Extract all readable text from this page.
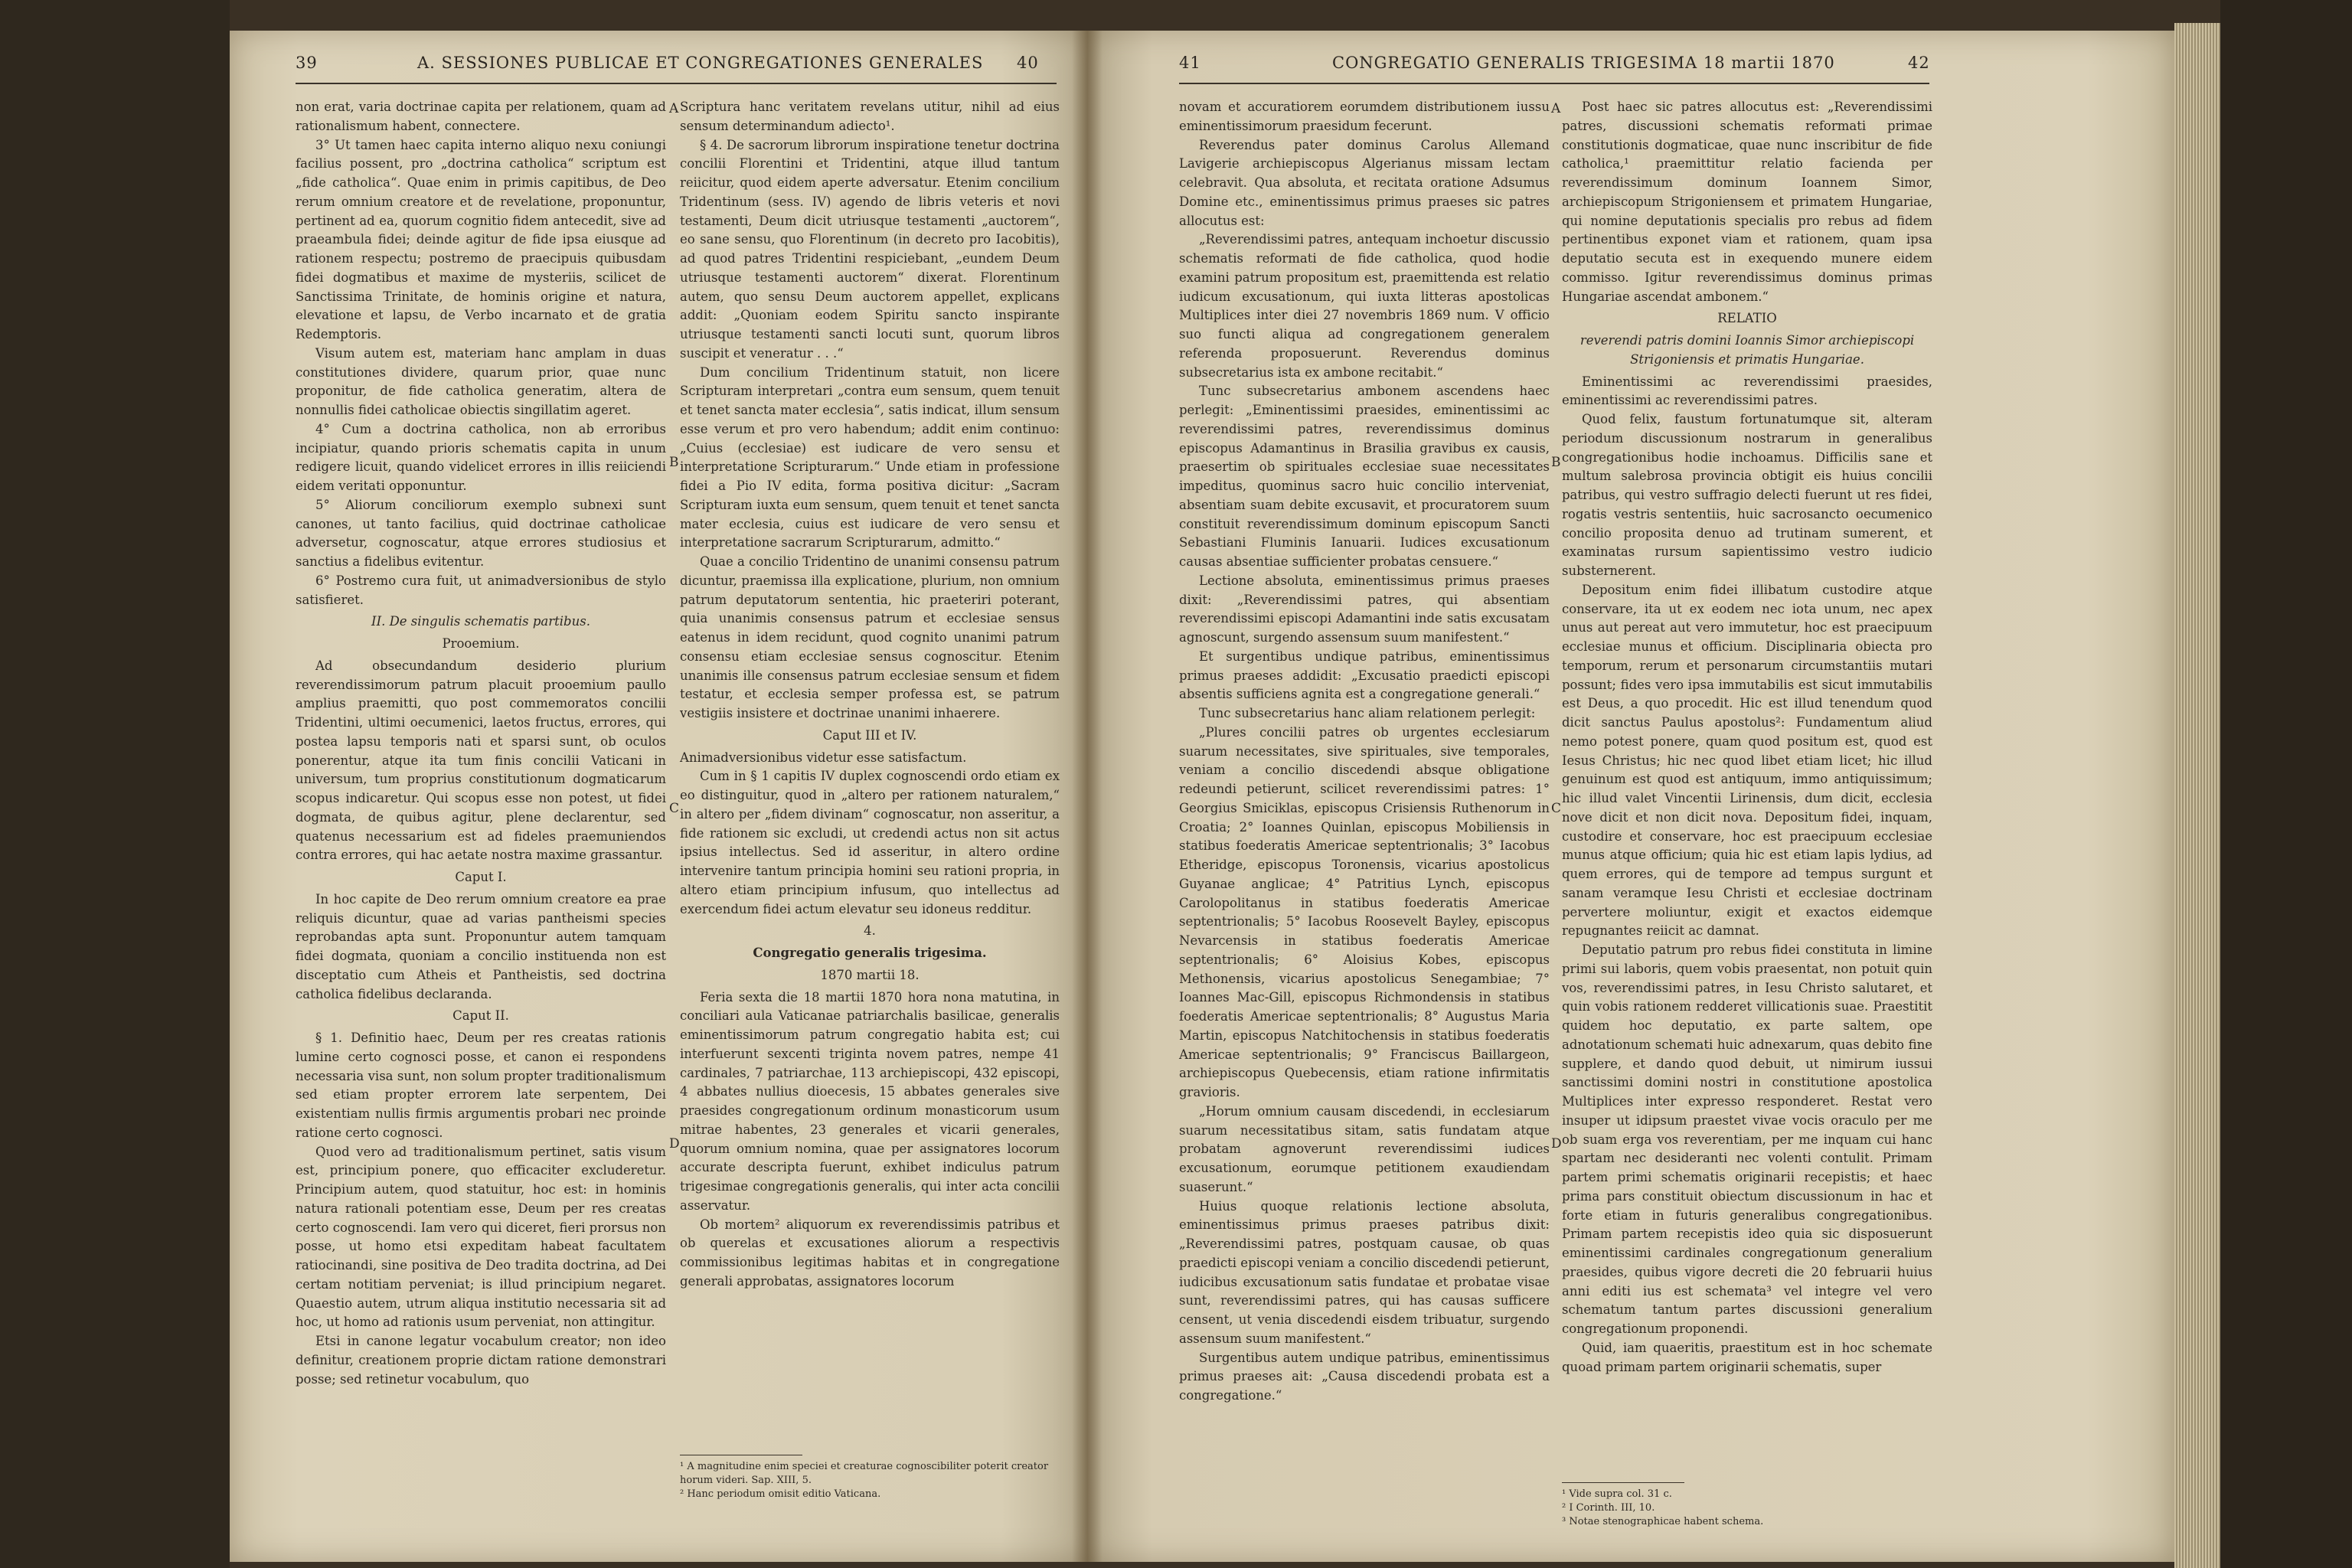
39	A. SESSIONES PUBLICAE ET CONGREGATIONES GENERALES 40	41	CONGREGATIO GENERALIS TRIGESIMA 18 martii 1870	42

non erat, varia doctrinae capita per relationem, quam ad rationalismum habent, connectere.

3° Ut tamen haec capita interno aliquo nexu coniungi facilius possent, pro „doctrina catholica“ scriptum est „fide catholica“. Quae enim in primis capitibus, de Deo rerum omnium creatore et de revelatione, proponuntur, pertinent ad ea, quorum cognitio fidem antecedit, sive ad praeambula fidei; deinde agitur de fide ipsa eiusque ad rationem respectu; postremo de praecipuis quibusdam fidei dogmatibus et maxime de mysteriis, scilicet de Sanctissima Trinitate, de hominis origine et natura, elevatione et lapsu, de Verbo incarnato et de gratia Redemptoris.

Visum autem est, materiam hanc amplam in duas constitutiones dividere, quarum prior, quae nunc proponitur, de fide catholica generatim, altera de nonnullis fidei catholicae obiectis singillatim ageret.

4° Cum a doctrina catholica, non ab erroribus incipiatur, quando prioris schematis capita in unum redigere licuit, quando videlicet errores in illis reiiciendi eidem veritati opponuntur.

5° Aliorum conciliorum exemplo subnexi sunt canones, ut tanto facilius, quid doctrinae catholicae adversetur, cognoscatur, atque errores studiosius et sanctius a fidelibus evitentur.

6° Postremo cura fuit, ut animadversionibus de stylo satisfieret.

II. De singulis schematis partibus.

Prooemium.

Ad obsecundandum desiderio plurium reverendissimorum patrum placuit prooemium paullo amplius praemitti, quo post commemoratos concilii Tridentini, ultimi oecumenici, laetos fructus, errores, qui postea lapsu temporis nati et sparsi sunt, ob oculos ponerentur, atque ita tum finis concilii Vaticani in universum, tum proprius constitutionum dogmaticarum scopus indicaretur. Qui scopus esse non potest, ut fidei dogmata, de quibus agitur, plene declarentur, sed quatenus necessarium est ad fideles praemuniendos contra errores, qui hac aetate nostra maxime grassantur.

Caput I.

In hoc capite de Deo rerum omnium creatore ea prae reliquis dicuntur, quae ad varias pantheismi species reprobandas apta sunt. Proponuntur autem tamquam fidei dogmata, quoniam a concilio instituenda non est disceptatio cum Atheis et Pantheistis, sed doctrina catholica fidelibus declaranda.

Caput II.

§ 1. Definitio haec, Deum per res creatas rationis lumine certo cognosci posse, et canon ei respondens necessaria visa sunt, non solum propter traditionalismum sed etiam propter errorem late serpentem, Dei existentiam nullis firmis argumentis probari nec proinde ratione certo cognosci.

Quod vero ad traditionalismum pertinet, satis visum est, principium ponere, quo efficaciter excluderetur. Principium autem, quod statuitur, hoc est: in hominis natura rationali potentiam esse, Deum per res creatas certo cognoscendi. Iam vero qui diceret, fieri prorsus non posse, ut homo etsi expeditam habeat facultatem ratiocinandi, sine positiva de Deo tradita doctrina, ad Dei certam notitiam perveniat; is illud principium negaret. Quaestio autem, utrum aliqua institutio necessaria sit ad hoc, ut homo ad rationis usum perveniat, non attingitur.

Etsi in canone legatur vocabulum creator; non ideo definitur, creationem proprie dictam ratione demonstrari posse; sed retinetur vocabulum, quo

Scriptura hanc veritatem revelans utitur, nihil ad eius sensum determinandum adiecto¹.

§ 4. De sacrorum librorum inspiratione tenetur doctrina concilii Florentini et Tridentini, atque illud tantum reiicitur, quod eidem aperte adversatur. Etenim concilium Tridentinum (sess. IV) agendo de libris veteris et novi testamenti, Deum dicit utriusque testamenti „auctorem“, eo sane sensu, quo Florentinum (in decreto pro Iacobitis), ad quod patres Tridentini respiciebant, „eundem Deum utriusque testamenti auctorem“ dixerat. Florentinum autem, quo sensu Deum auctorem appellet, explicans addit: „Quoniam eodem Spiritu sancto inspirante utriusque testamenti sancti locuti sunt, quorum libros suscipit et veneratur . . .“

Dum concilium Tridentinum statuit, non licere Scripturam interpretari „contra eum sensum, quem tenuit et tenet sancta mater ecclesia“, satis indicat, illum sensum esse verum et pro vero habendum; addit enim continuo: „Cuius (ecclesiae) est iudicare de vero sensu et interpretatione Scripturarum.“ Unde etiam in professione fidei a Pio IV edita, forma positiva dicitur: „Sacram Scripturam iuxta eum sensum, quem tenuit et tenet sancta mater ecclesia, cuius est iudicare de vero sensu et interpretatione sacrarum Scripturarum, admitto.“

Quae a concilio Tridentino de unanimi consensu patrum dicuntur, praemissa illa explicatione, plurium, non omnium patrum deputatorum sententia, hic praeteriri poterant, quia unanimis consensus patrum et ecclesiae sensus eatenus in idem recidunt, quod cognito unanimi patrum consensu etiam ecclesiae sensus cognoscitur. Etenim unanimis ille consensus patrum ecclesiae sensum et fidem testatur, et ecclesia semper professa est, se patrum vestigiis insistere et doctrinae unanimi inhaerere.

Caput III et IV.

Animadversionibus videtur esse satisfactum.

Cum in § 1 capitis IV duplex cognoscendi ordo etiam ex eo distinguitur, quod in „altero per rationem naturalem,“ in altero per „fidem divinam“ cognoscatur, non asseritur, a fide rationem sic excludi, ut credendi actus non sit actus ipsius intellectus. Sed id asseritur, in altero ordine intervenire tantum principia homini seu rationi propria, in altero etiam principium infusum, quo intellectus ad exercendum fidei actum elevatur seu idoneus redditur.

4.

Congregatio generalis trigesima.

1870 martii 18.

Feria sexta die 18 martii 1870 hora nona matutina, in conciliari aula Vaticanae patriarchalis basilicae, generalis eminentissimorum patrum congregatio habita est; cui interfuerunt sexcenti triginta novem patres, nempe 41 cardinales, 7 patriarchae, 113 archiepiscopi, 432 episcopi, 4 abbates nullius dioecesis, 15 abbates generales sive praesides congregationum ordinum monasticorum usum mitrae habentes, 23 generales et vicarii generales, quorum omnium nomina, quae per assignatores locorum accurate descripta fuerunt, exhibet indiculus patrum trigesimae congregationis generalis, qui inter acta concilii asservatur.

Ob mortem² aliquorum ex reverendissimis patribus et ob querelas et excusationes aliorum a respectivis commissionibus legitimas habitas et in congregatione generali approbatas, assignatores locorum

A
B
C
D

¹ A magnitudine enim speciei et creaturae cognoscibiliter poterit creator horum videri. Sap. XIII, 5.

² Hanc periodum omisit editio Vaticana.

novam et accuratiorem eorumdem distributionem iussu eminentissimorum praesidum fecerunt.

Reverendus pater dominus Carolus Allemand Lavigerie archiepiscopus Algerianus missam lectam celebravit. Qua absoluta, et recitata oratione Adsumus Domine etc., eminentissimus primus praeses sic patres allocutus est:

„Reverendissimi patres, antequam inchoetur discussio schematis reformati de fide catholica, quod hodie examini patrum propositum est, praemittenda est relatio iudicum excusationum, qui iuxta litteras apostolicas Multiplices inter diei 27 novembris 1869 num. V officio suo functi aliqua ad congregationem generalem referenda proposuerunt. Reverendus dominus subsecretarius ista ex ambone recitabit.“

Tunc subsecretarius ambonem ascendens haec perlegit: „Eminentissimi praesides, eminentissimi ac reverendissimi patres, reverendissimus dominus episcopus Adamantinus in Brasilia gravibus ex causis, praesertim ob spirituales ecclesiae suae necessitates impeditus, quominus sacro huic concilio interveniat, absentiam suam debite excusavit, et procuratorem suum constituit reverendissimum dominum episcopum Sancti Sebastiani Fluminis Ianuarii. Iudices excusationum causas absentiae sufficienter probatas censuere.“

Lectione absoluta, eminentissimus primus praeses dixit: „Reverendissimi patres, qui absentiam reverendissimi episcopi Adamantini inde satis excusatam agnoscunt, surgendo assensum suum manifestent.“

Et surgentibus undique patribus, eminentissimus primus praeses addidit: „Excusatio praedicti episcopi absentis sufficiens agnita est a congregatione generali.“

Tunc subsecretarius hanc aliam relationem perlegit:

„Plures concilii patres ob urgentes ecclesiarum suarum necessitates, sive spirituales, sive temporales, veniam a concilio discedendi absque obligatione redeundi petierunt, scilicet reverendissimi patres: 1° Georgius Smiciklas, episcopus Crisiensis Ruthenorum in Croatia; 2° Ioannes Quinlan, episcopus Mobiliensis in statibus foederatis Americae septentrionalis; 3° Iacobus Etheridge, episcopus Toronensis, vicarius apostolicus Guyanae anglicae; 4° Patritius Lynch, episcopus Carolopolitanus in statibus foederatis Americae septentrionalis; 5° Iacobus Roosevelt Bayley, episcopus Nevarcensis in statibus foederatis Americae septentrionalis; 6° Aloisius Kobes, episcopus Methonensis, vicarius apostolicus Senegambiae; 7° Ioannes Mac-Gill, episcopus Richmondensis in statibus foederatis Americae septentrionalis; 8° Augustus Maria Martin, episcopus Natchitochensis in statibus foederatis Americae septentrionalis; 9° Franciscus Baillargeon, archiepiscopus Quebecensis, etiam ratione infirmitatis gravioris.

„Horum omnium causam discedendi, in ecclesiarum suarum necessitatibus sitam, satis fundatam atque probatam agnoverunt reverendissimi iudices excusationum, eorumque petitionem exaudiendam suaserunt.“

Huius quoque relationis lectione absoluta, eminentissimus primus praeses patribus dixit: „Reverendissimi patres, postquam causae, ob quas praedicti episcopi veniam a concilio discedendi petierunt, iudicibus excusationum satis fundatae et probatae visae sunt, reverendissimi patres, qui has causas sufficere censent, ut venia discedendi eisdem tribuatur, surgendo assensum suum manifestent.“

Surgentibus autem undique patribus, eminentissimus primus praeses ait: „Causa discedendi probata est a congregatione.“

Post haec sic patres allocutus est: „Reverendissimi patres, discussioni schematis reformati primae constitutionis dogmaticae, quae nunc inscribitur de fide catholica,¹ praemittitur relatio facienda per reverendissimum dominum Ioannem Simor, archiepiscopum Strigoniensem et primatem Hungariae, qui nomine deputationis specialis pro rebus ad fidem pertinentibus exponet viam et rationem, quam ipsa deputatio secuta est in exequendo munere eidem commisso. Igitur reverendissimus dominus primas Hungariae ascendat ambonem.“

RELATIO

reverendi patris domini Ioannis Simor archiepiscopi Strigoniensis et primatis Hungariae.

Eminentissimi ac reverendissimi praesides, eminentissimi ac reverendissimi patres.

Quod felix, faustum fortunatumque sit, alteram periodum discussionum nostrarum in generalibus congregationibus hodie inchoamus. Difficilis sane et multum salebrosa provincia obtigit eis huius concilii patribus, qui vestro suffragio delecti fuerunt ut res fidei, rogatis vestris sententiis, huic sacrosancto oecumenico concilio proposita denuo ad trutinam sumerent, et examinatas rursum sapientissimo vestro iudicio substernerent.

Depositum enim fidei illibatum custodire atque conservare, ita ut ex eodem nec iota unum, nec apex unus aut pereat aut vero immutetur, hoc est praecipuum ecclesiae munus et officium. Disciplinaria obiecta pro temporum, rerum et personarum circumstantiis mutari possunt; fides vero ipsa immutabilis est sicut immutabilis est Deus, a quo procedit. Hic est illud tenendum quod dicit sanctus Paulus apostolus²: Fundamentum aliud nemo potest ponere, quam quod positum est, quod est Iesus Christus; hic nec quod libet etiam licet; hic illud genuinum est quod est antiquum, immo antiquissimum; hic illud valet Vincentii Lirinensis, dum dicit, ecclesia nove dicit et non dicit nova. Depositum fidei, inquam, custodire et conservare, hoc est praecipuum ecclesiae munus atque officium; quia hic est etiam lapis lydius, ad quem errores, qui de tempore ad tempus surgunt et sanam veramque Iesu Christi et ecclesiae doctrinam pervertere moliuntur, exigit et exactos eidemque repugnantes reiicit ac damnat.

Deputatio patrum pro rebus fidei constituta in limine primi sui laboris, quem vobis praesentat, non potuit quin vos, reverendissimi patres, in Iesu Christo salutaret, et quin vobis rationem redderet villicationis suae. Praestitit quidem hoc deputatio, ex parte saltem, ope adnotationum schemati huic adnexarum, quas debito fine supplere, et dando quod debuit, ut nimirum iussui sanctissimi domini nostri in constitutione apostolica Multiplices inter expresso responderet. Restat vero insuper ut idipsum praestet vivae vocis oraculo per me ob suam erga vos reverentiam, per me inquam cui hanc spartam nec desideranti nec volenti contulit. Primam partem primi schematis originarii recepistis; et haec prima pars constituit obiectum discussionum in hac et forte etiam in futuris generalibus congregationibus. Primam partem recepistis ideo quia sic disposuerunt eminentissimi cardinales congregationum generalium praesides, quibus vigore decreti die 20 februarii huius anni editi ius est schemata³ vel integre vel vero schematum tantum partes discussioni generalium congregationum proponendi.

Quid, iam quaeritis, praestitum est in hoc schemate quoad primam partem originarii schematis, super

A
B
C
D

¹ Vide supra col. 31 c.

² I Corinth. III, 10.

³ Notae stenographicae habent schema.
